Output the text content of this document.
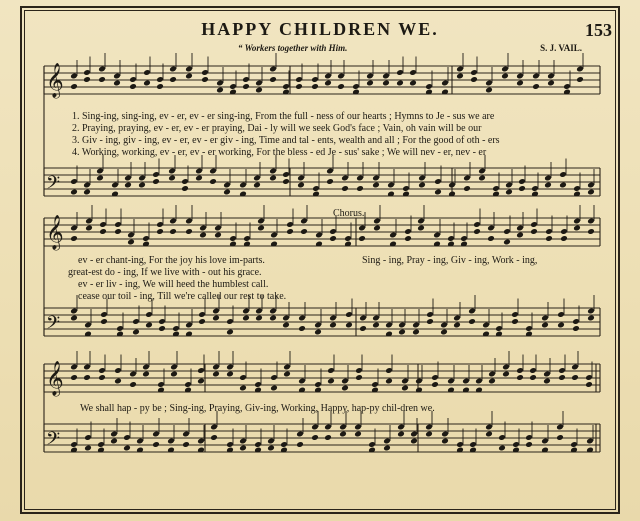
HAPPY CHILDREN WE.	153
“ Workers together with Him.	S. J. VAIL.
𝄞
𝄢
𝄞
𝄢
𝄞
𝄢
1. Sing-ing, sing-ing, ev - er, ev - er sing-ing, From the full - ness of our hearts ; Hymns to Je - sus we are
2. Praying, praying, ev - er, ev - er praying, Dai - ly will we seek God's face ; Vain, oh vain will be our
3. Giv - ing, giv - ing, ev - er, ev - er giv - ing, Time and tal - ents, wealth and all ; For the good of oth - ers
4. Working, working, ev - er, ev - er working, For the bless - ed Je - sus' sake ; We will nev - er, nev - er
Chorus.
ev - er chant-ing, For the joy his love im-parts.
great-est do - ing, If we live with - out his grace.
ev - er liv - ing, We will heed the humblest call.
cease our toil - ing, Till we're called our rest to take.
Sing - ing, Pray - ing, Giv - ing, Work - ing,
We shall hap - py be ; Sing-ing, Praying, Giv-ing, Working, Happy, hap-py chil-dren we.
